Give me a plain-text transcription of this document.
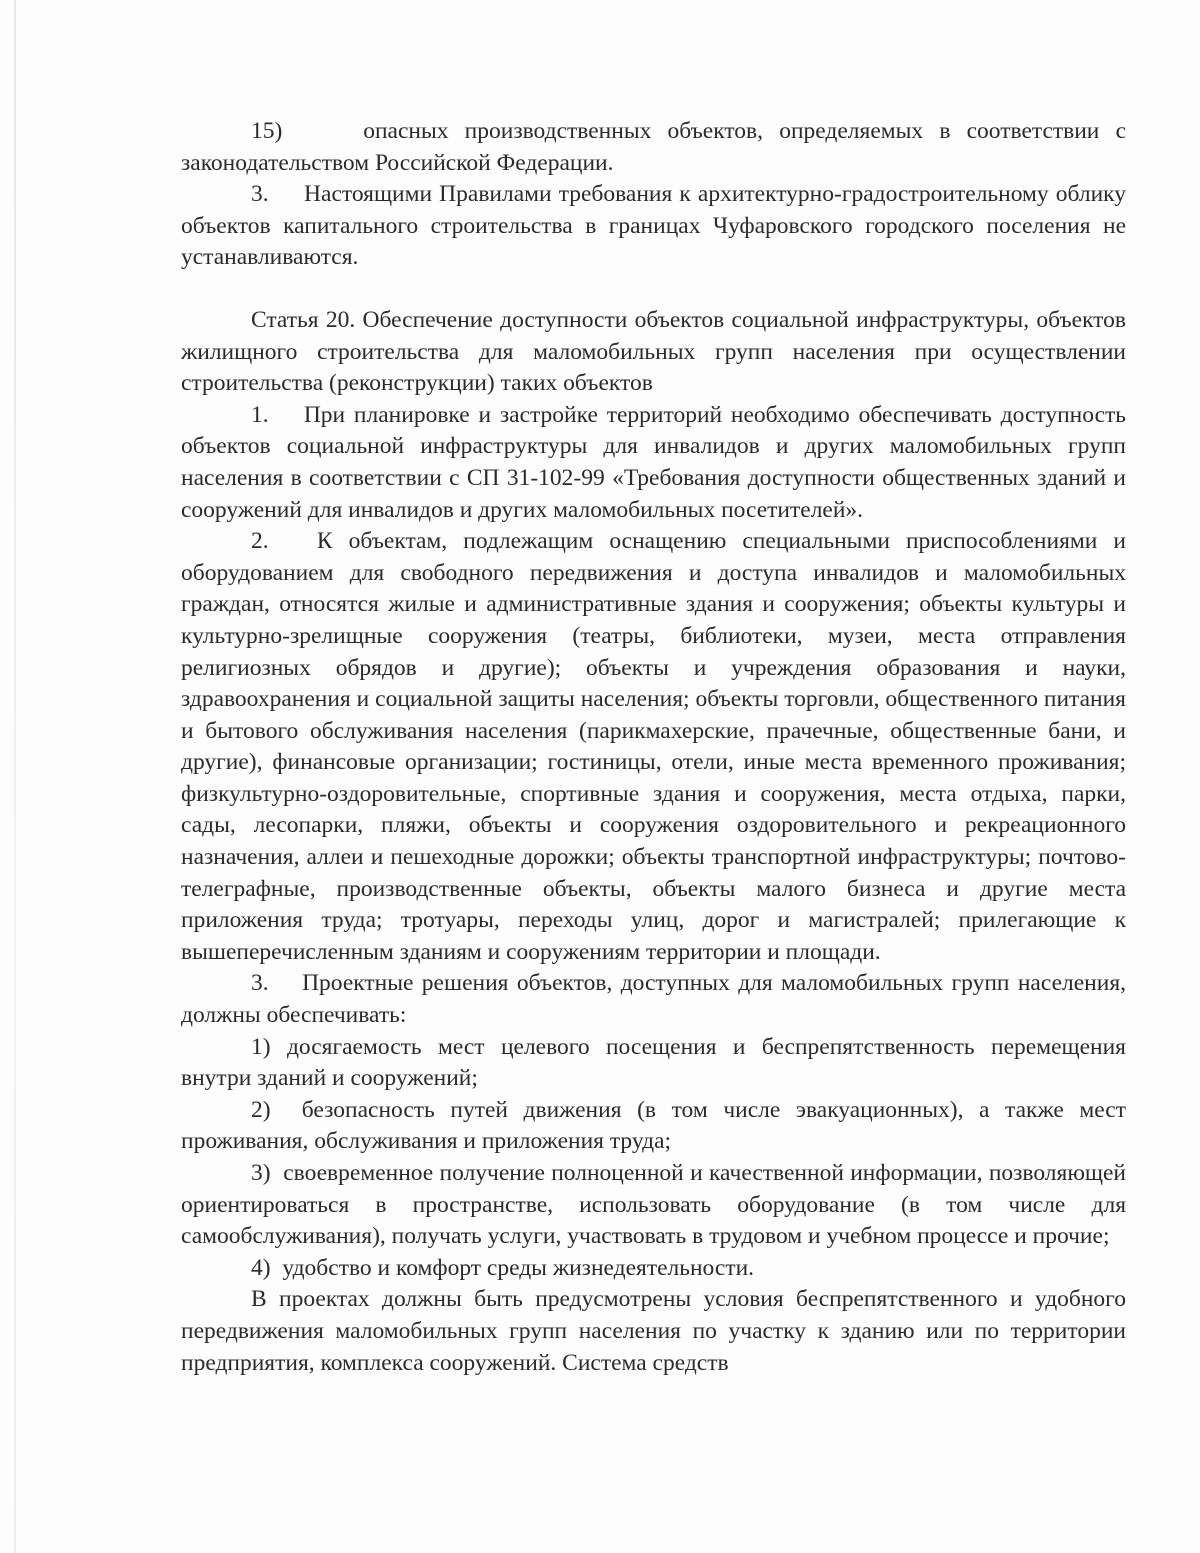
15)     опасных производственных объектов, определяемых в соответствии с законодательством Российской Федерации.

3.     Настоящими Правилами требования к архитектурно-градостроительному облику объектов капитального строительства в границах Чуфаровского городского поселения не устанавливаются.

Статья 20. Обеспечение доступности объектов социальной инфраструктуры, объектов жилищного строительства для маломобильных групп населения при осуществлении строительства (реконструкции) таких объектов

1.    При планировке и застройке территорий необходимо обеспечивать доступность объектов социальной инфраструктуры для инвалидов и других маломобильных групп населения в соответствии с СП 31-102-99 «Требования доступности общественных зданий и сооружений для инвалидов и других маломобильных посетителей».

2.   К объектам, подлежащим оснащению специальными приспособлениями и оборудованием для свободного передвижения и доступа инвалидов и маломобильных граждан, относятся жилые и административные здания и сооружения; объекты культуры и культурно-зрелищные сооружения (театры, библиотеки, музеи, места отправления религиозных обрядов и другие); объекты и учреждения образования и науки, здравоохранения и социальной защиты населения; объекты торговли, общественного питания и бытового обслуживания населения (парикмахерские, прачечные, общественные бани, и другие), финансовые организации; гостиницы, отели, иные места временного проживания; физкультурно-оздоровительные, спортивные здания и сооружения, места отдыха, парки, сады, лесопарки, пляжи, объекты и сооружения оздоровительного и рекреационного назначения, аллеи и пешеходные дорожки; объекты транспортной инфраструктуры; почтово-телеграфные, производственные объекты, объекты малого бизнеса и другие места приложения труда; тротуары, переходы улиц, дорог и магистралей; прилегающие к вышеперечисленным зданиям и сооружениям территории и площади.

3.    Проектные решения объектов, доступных для маломобильных групп населения, должны обеспечивать:

1) досягаемость мест целевого посещения и беспрепятственность перемещения внутри зданий и сооружений;

2)  безопасность путей движения (в том числе эвакуационных), а также мест проживания, обслуживания и приложения труда;

3)  своевременное получение полноценной и качественной информации, позволяющей ориентироваться в пространстве, использовать оборудование (в том числе для самообслуживания), получать услуги, участвовать в трудовом и учебном процессе и прочие;

4)  удобство и комфорт среды жизнедеятельности.

В проектах должны быть предусмотрены условия беспрепятственного и удобного передвижения маломобильных групп населения по участку к зданию или по территории предприятия, комплекса сооружений. Система средств
